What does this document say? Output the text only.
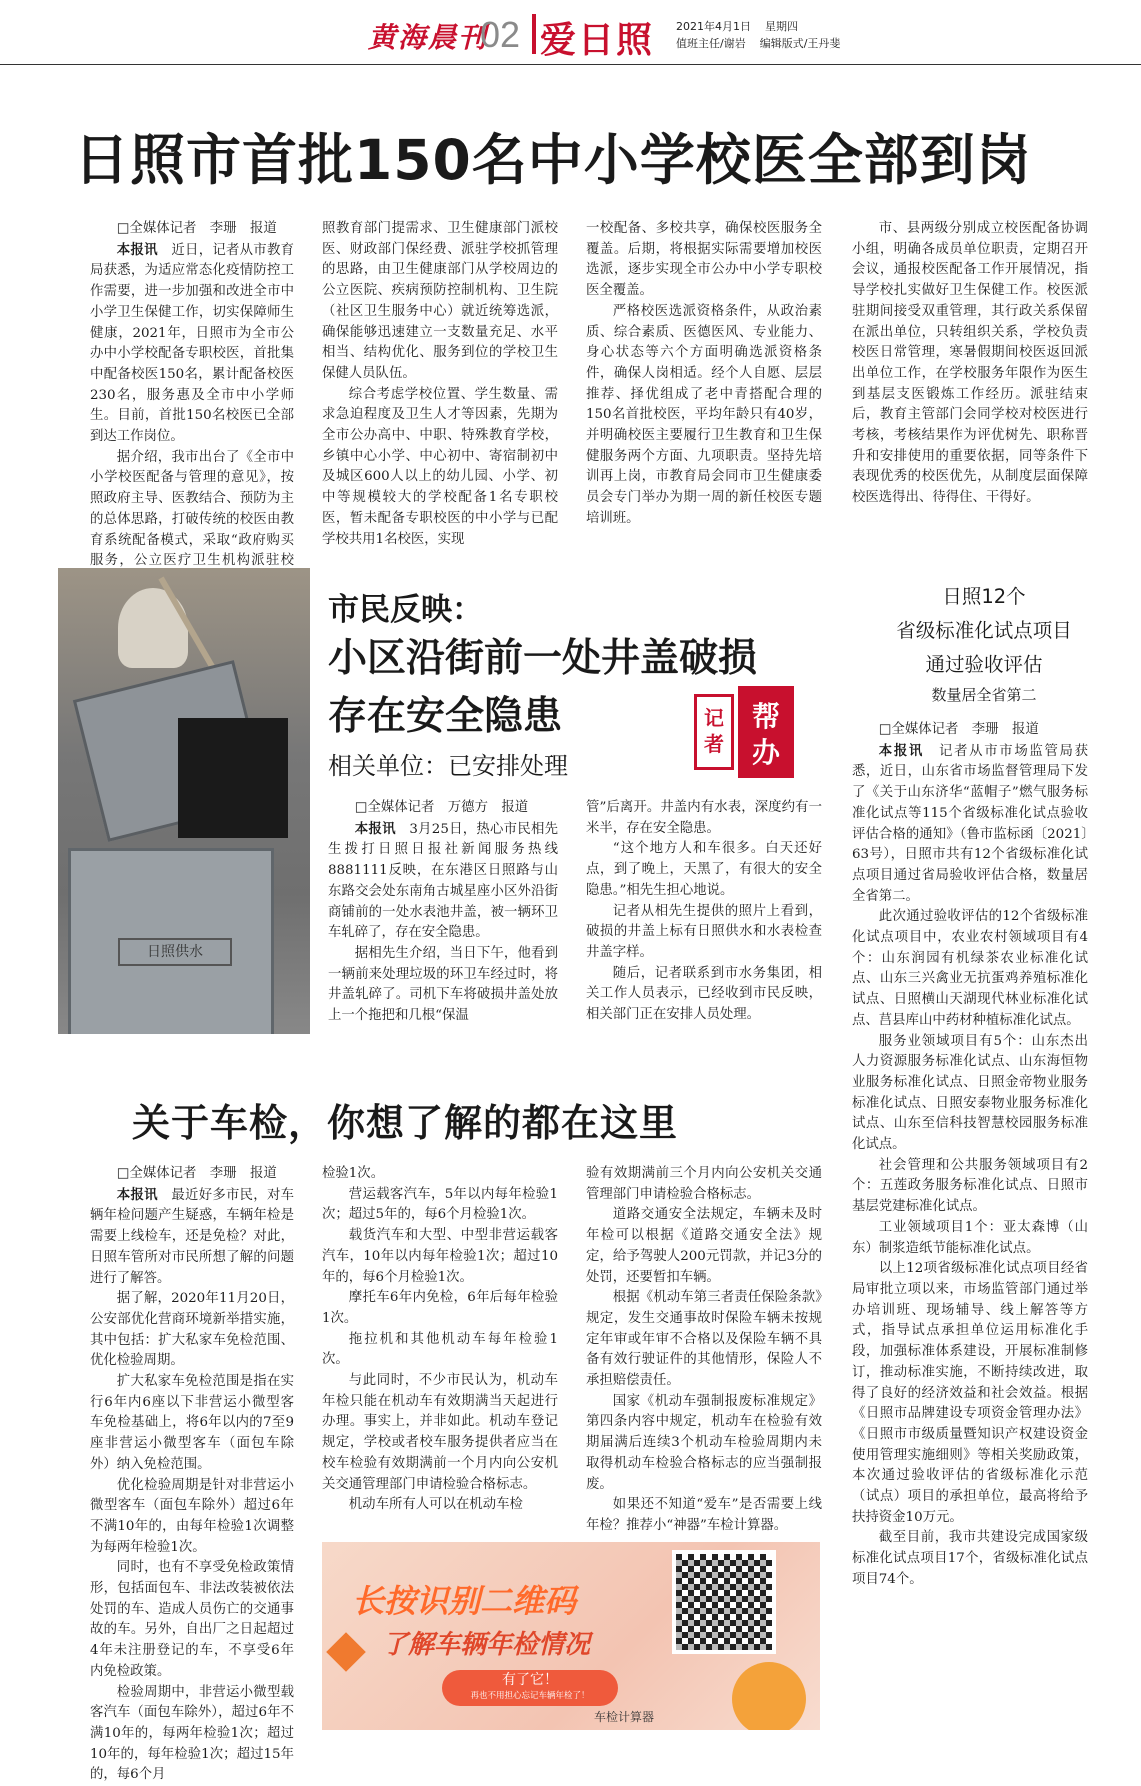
黄海晨刊
02 爱日照 2021年4月1日 星期四
值班主任/谢岩 编辑版式/王丹斐
日照市首批150名中小学校医全部到岗

□全媒体记者　 李珊　 报道

本报讯　 近日，记者从市教育局获悉，为适应常态化疫情防控工作需要，进一步加强和改进全市中小学卫生保健工作，切实保障师生健康，2021年，日照市为全市公办中小学校配备专职校医，首批集中配备校医150名，累计配备校医230名，服务惠及全市中小学师生。目前，首批150名校医已全部到达工作岗位。

据介绍，我市出台了《全市中小学校医配备与管理的意见》，按照政府主导、医教结合、预防为主的总体思路，打破传统的校医由教育系统配备模式，采取“政府购买服务，公立医疗卫生机构派驻校

照教育部门提需求、卫生健康部门派校医、财政部门保经费、派驻学校抓管理的思路，由卫生健康部门从学校周边的公立医院、疾病预防控制机构、卫生院（社区卫生服务中心）就近统筹选派，确保能够迅速建立一支数量充足、水平相当、结构优化、服务到位的学校卫生保健人员队伍。

综合考虑学校位置、学生数量、需求急迫程度及卫生人才等因素，先期为全市公办高中、中职、特殊教育学校，乡镇中心小学、中心初中、寄宿制初中及城区600人以上的幼儿园、小学、初中等规模较大的学校配备1名专职校医，暂未配备专职校医的中小学与已配学校共用1名校医，实现

一校配备、多校共享，确保校医服务全覆盖。后期，将根据实际需要增加校医选派，逐步实现全市公办中小学专职校医全覆盖。

严格校医选派资格条件，从政治素质、综合素质、医德医风、专业能力、身心状态等六个方面明确选派资格条件，确保人岗相适。经个人自愿、层层推荐、择优组成了老中青搭配合理的150名首批校医，平均年龄只有40岁，并明确校医主要履行卫生教育和卫生保健服务两个方面、九项职责。坚持先培训再上岗，市教育局会同市卫生健康委员会专门举办为期一周的新任校医专题培训班。

市、县两级分别成立校医配备协调小组，明确各成员单位职责，定期召开会议，通报校医配备工作开展情况，指导学校扎实做好卫生保健工作。校医派驻期间接受双重管理，其行政关系保留在派出单位，只转组织关系，学校负责校医日常管理，寒暑假期间校医返回派出单位工作，在学校服务年限作为医生到基层支医锻炼工作经历。派驻结束后，教育主管部门会同学校对校医进行考核，考核结果作为评优树先、职称晋升和安排使用的重要依据，同等条件下表现优秀的校医优先，从制度层面保障校医选得出、待得住、干得好。

日照供水
市民反映：
小区沿街前一处井盖破损
存在安全隐患
相关单位：已安排处理
记者
帮办

□全媒体记者　 万德方　 报道

本报讯　 3月25日，热心市民相先生拨打日照日报社新闻服务热线8881111反映，在东港区日照路与山东路交会处东南角古城星座小区外沿街商铺前的一处水表池井盖，被一辆环卫车轧碎了，存在安全隐患。

据相先生介绍，当日下午，他看到一辆前来处理垃圾的环卫车经过时，将井盖轧碎了。司机下车将破损井盖处放上一个拖把和几根“保温

管”后离开。井盖内有水表，深度约有一米半，存在安全隐患。

“这个地方人和车很多。白天还好点，到了晚上，天黑了，有很大的安全隐患。”相先生担心地说。

记者从相先生提供的照片上看到，破损的井盖上标有日照供水和水表检查井盖字样。

随后，记者联系到市水务集团，相关工作人员表示，已经收到市民反映，相关部门正在安排人员处理。

日照12个
省级标准化试点项目
通过验收评估
数量居全省第二

□全媒体记者　 李珊　 报道

本报讯　 记者从市市场监管局获悉，近日，山东省市场监督管理局下发了《关于山东济华“蓝帽子”燃气服务标准化试点等115个省级标准化试点验收评估合格的通知》（鲁市监标函〔2021〕63号），日照市共有12个省级标准化试点项目通过省局验收评估合格，数量居全省第二。

此次通过验收评估的12个省级标准化试点项目中，农业农村领域项目有4个：山东润园有机绿茶农业标准化试点、山东三兴禽业无抗蛋鸡养殖标准化试点、日照横山天湖现代林业标准化试点、莒县库山中药材种植标准化试点。

服务业领域项目有5个：山东杰出人力资源服务标准化试点、山东海恒物业服务标准化试点、日照金帝物业服务标准化试点、日照安泰物业服务标准化试点、山东至信科技智慧校园服务标准化试点。

社会管理和公共服务领域项目有2个：五莲政务服务标准化试点、日照市基层党建标准化试点。

工业领域项目1个：亚太森博（山东）制浆造纸节能标准化试点。

以上12项省级标准化试点项目经省局审批立项以来，市场监管部门通过举办培训班、现场辅导、线上解答等方式，指导试点承担单位运用标准化手段，加强标准体系建设，开展标准制修订，推动标准实施，不断持续改进，取得了良好的经济效益和社会效益。根据《日照市品牌建设专项资金管理办法》《日照市市级质量暨知识产权建设资金使用管理实施细则》等相关奖励政策，本次通过验收评估的省级标准化示范（试点）项目的承担单位，最高将给予扶持资金10万元。

截至目前，我市共建设完成国家级标准化试点项目17个，省级标准化试点项目74个。

关于车检，你想了解的都在这里

□全媒体记者　 李珊　 报道

本报讯　 最近好多市民，对车辆年检问题产生疑惑，车辆年检是需要上线检车，还是免检？对此，日照车管所对市民所想了解的问题进行了解答。

据了解，2020年11月20日，公安部优化营商环境新举措实施，其中包括：扩大私家车免检范围、优化检验周期。

扩大私家车免检范围是指在实行6年内6座以下非营运小微型客车免检基础上，将6年以内的7至9座非营运小微型客车（面包车除外）纳入免检范围。

优化检验周期是针对非营运小微型客车（面包车除外）超过6年不满10年的，由每年检验1次调整为每两年检验1次。

同时，也有不享受免检政策情形，包括面包车、非法改装被依法处罚的车、造成人员伤亡的交通事故的车。另外，自出厂之日起超过4年未注册登记的车，不享受6年内免检政策。

检验周期中，非营运小微型载客汽车（面包车除外），超过6年不满10年的，每两年检验1次；超过10年的，每年检验1次；超过15年的，每6个月

检验1次。

营运载客汽车，5年以内每年检验1次；超过5年的，每6个月检验1次。

载货汽车和大型、中型非营运载客汽车，10年以内每年检验1次；超过10年的，每6个月检验1次。

摩托车6年内免检，6年后每年检验1次。

拖拉机和其他机动车每年检验1次。

与此同时，不少市民认为，机动车年检只能在机动车有效期满当天起进行办理。事实上，并非如此。机动车登记规定，学校或者校车服务提供者应当在校车检验有效期满前一个月内向公安机关交通管理部门申请检验合格标志。

机动车所有人可以在机动车检

验有效期满前三个月内向公安机关交通管理部门申请检验合格标志。

道路交通安全法规定，车辆未及时年检可以根据《道路交通安全法》规定，给予驾驶人200元罚款，并记3分的处罚，还要暂扣车辆。

根据《机动车第三者责任保险条款》规定，发生交通事故时保险车辆未按规定年审或年审不合格以及保险车辆不具备有效行驶证件的其他情形，保险人不承担赔偿责任。

国家《机动车强制报废标准规定》第四条内容中规定，机动车在检验有效期届满后连续3个机动车检验周期内未取得机动车检验合格标志的应当强制报废。

如果还不知道“爱车”是否需要上线年检？推荐小“神器”车检计算器。

长按识别二维码
了解车辆年检情况
有了它！
再也不用担心忘记车辆年检了！
车检计算器
